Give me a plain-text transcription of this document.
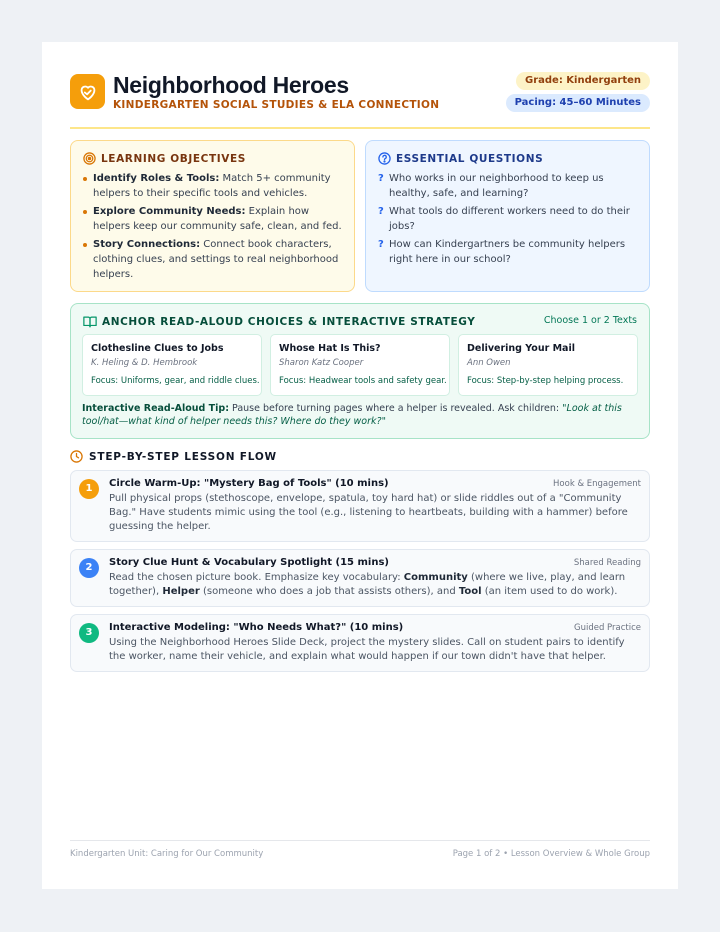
Neighborhood Heroes
KINDERGARTEN SOCIAL STUDIES & ELA CONNECTION
Grade: Kindergarten
Pacing: 45–60 Minutes
LEARNING OBJECTIVES
Identify Roles & Tools: Match 5+ community helpers to their specific tools and vehicles.
Explore Community Needs: Explain how helpers keep our community safe, clean, and fed.
Story Connections: Connect book characters, clothing clues, and settings to real neighborhood helpers.
ESSENTIAL QUESTIONS
? Who works in our neighborhood to keep us healthy, safe, and learning?
? What tools do different workers need to do their jobs?
? How can Kindergartners be community helpers right here in our school?
ANCHOR READ-ALOUD CHOICES & INTERACTIVE STRATEGY	Choose 1 or 2 Texts
Clothesline Clues to Jobs
K. Heling & D. Hembrook
Focus: Uniforms, gear, and riddle clues.
Whose Hat Is This?
Sharon Katz Cooper
Focus: Headwear tools and safety gear.
Delivering Your Mail
Ann Owen
Focus: Step-by-step helping process.
Interactive Read-Aloud Tip: Pause before turning pages where a helper is revealed. Ask children: "Look at this tool/hat—what kind of helper needs this? Where do they work?"
STEP-BY-STEP LESSON FLOW
1	Circle Warm-Up: "Mystery Bag of Tools" (10 mins)	Hook & Engagement
Pull physical props (stethoscope, envelope, spatula, toy hard hat) or slide riddles out of a "Community Bag." Have students mimic using the tool (e.g., listening to heartbeats, building with a hammer) before guessing the helper.
2	Story Clue Hunt & Vocabulary Spotlight (15 mins)	Shared Reading
Read the chosen picture book. Emphasize key vocabulary: Community (where we live, play, and learn together), Helper (someone who does a job that assists others), and Tool (an item used to do work).
3	Interactive Modeling: "Who Needs What?" (10 mins)	Guided Practice
Using the Neighborhood Heroes Slide Deck, project the mystery slides. Call on student pairs to identify the worker, name their vehicle, and explain what would happen if our town didn't have that helper.
Kindergarten Unit: Caring for Our Community	Page 1 of 2 • Lesson Overview & Whole Group
